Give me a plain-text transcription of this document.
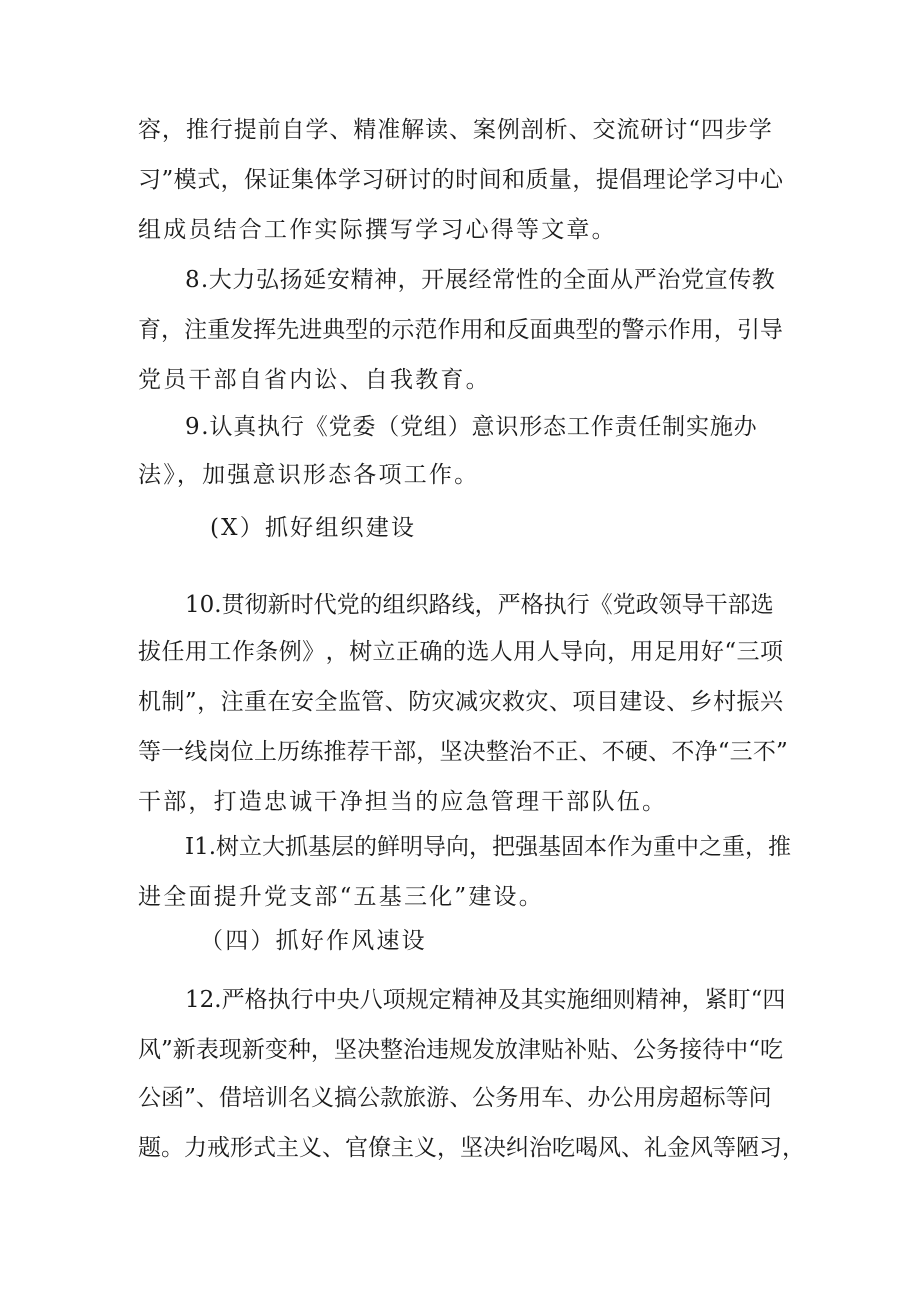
容 ， 推 行 提 前 自 学 、 精 准 解 读 、 案 例 剖 析 、 交 流 研 讨 “ 四 步 学
习 ” 模 式 ， 保 证 集 体 学 习 研 讨 的 时 间 和 质 量 ， 提 倡 理 论 学 习 中 心
组成员结合工作实际撰写学习心得等文章。
8 . 大 力 弘 扬 延 安 精 神 ， 开 展 经 常 性 的 全 面 从 严 治 党 宣 传 教
育 ， 注 重 发 挥 先 进 典 型 的 示 范 作 用 和 反 面 典 型 的 警 示 作 用 ， 引 导
党员干部自省内讼、自我教育。
9 . 认 真 执 行 《 党 委 （ 党 组 ） 意 识 形 态 工 作 责 任 制 实 施 办
法》，加强意识形态各项工作。
(X）抓好组织建设
1 0 . 贯 彻 新 时 代 党 的 组 织 路 线 ， 严 格 执 行 《 党 政 领 导 干 部 选
拔 任 用 工 作 条 例 》 ， 树 立 正 确 的 选 人 用 人 导 向 ， 用 足 用 好 “ 三 项
机 制 ” ， 注 重 在 安 全 监 管 、 防 灾 减 灾 救 灾 、 项 目 建 设 、 乡 村 振 兴
等 一 线 岗 位 上 历 练 推 荐 干 部 ， 坚 决 整 治 不 正 、 不 硬 、 不 净 “ 三 不 ”
干部，打造忠诚干净担当的应急管理干部队伍。
I 1 . 树 立 大 抓 基 层 的 鲜 明 导 向 ， 把 强 基 固 本 作 为 重 中 之 重 ， 推
进全面提升党支部“五基三化”建设。
（四）抓好作风速设
1 2 . 严 格 执 行 中 央 八 项 规 定 精 神 及 其 实 施 细 则 精 神 ， 紧 盯 “ 四
风 ” 新 表 现 新 变 种 ， 坚 决 整 治 违 规 发 放 津 贴 补 贴 、 公 务 接 待 中 “ 吃
公 函 ” 、 借 培 训 名 义 搞 公 款 旅 游 、 公 务 用 车 、 办 公 用 房 超 标 等 问
题 。 力 戒 形 式 主 义 、 官 僚 主 义 ， 坚 决 纠 治 吃 喝 风 、 礼 金 风 等 陋 习 ，
